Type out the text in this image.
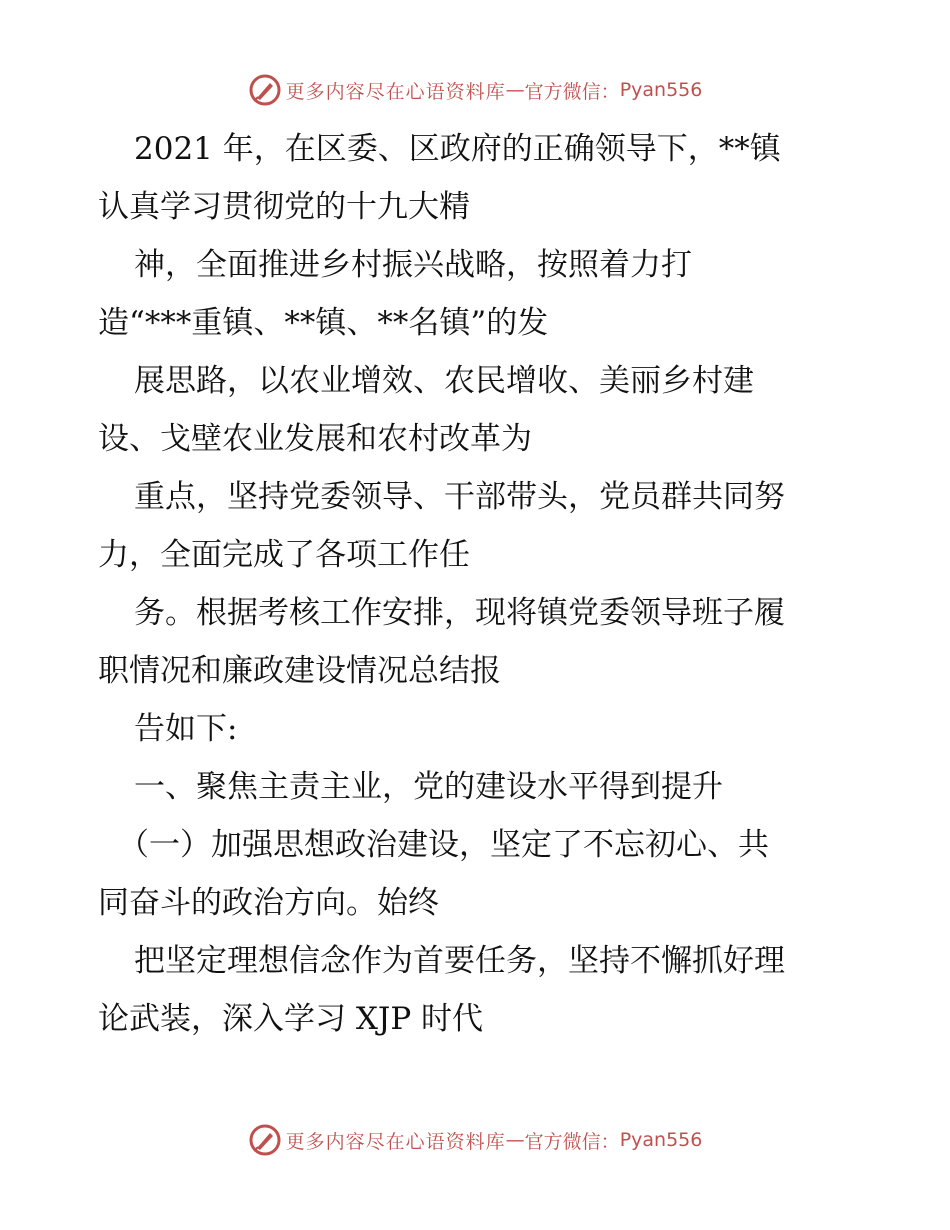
更多内容尽在心语资料库 — 官方微信： Pyan556
2021 年，在区委、区政府的正确领导下，**镇
认真学习贯彻党的十九大精
神，全面推进乡村振兴战略，按照着力打
造“***重镇、**镇、**名镇”的发
展思路，以农业增效、农民增收、美丽乡村建
设、戈壁农业发展和农村改革为
重点，坚持党委领导、干部带头，党员群共同努
力，全面完成了各项工作任
务。根据考核工作安排，现将镇党委领导班子履
职情况和廉政建设情况总结报
告如下:
一、聚焦主责主业，党的建设水平得到提升
（一）加强思想政治建设，坚定了不忘初心、共
同奋斗的政治方向。始终
把坚定理想信念作为首要任务，坚持不懈抓好理
论武装，深入学习 XJP 时代
更多内容尽在心语资料库 — 官方微信： Pyan556
